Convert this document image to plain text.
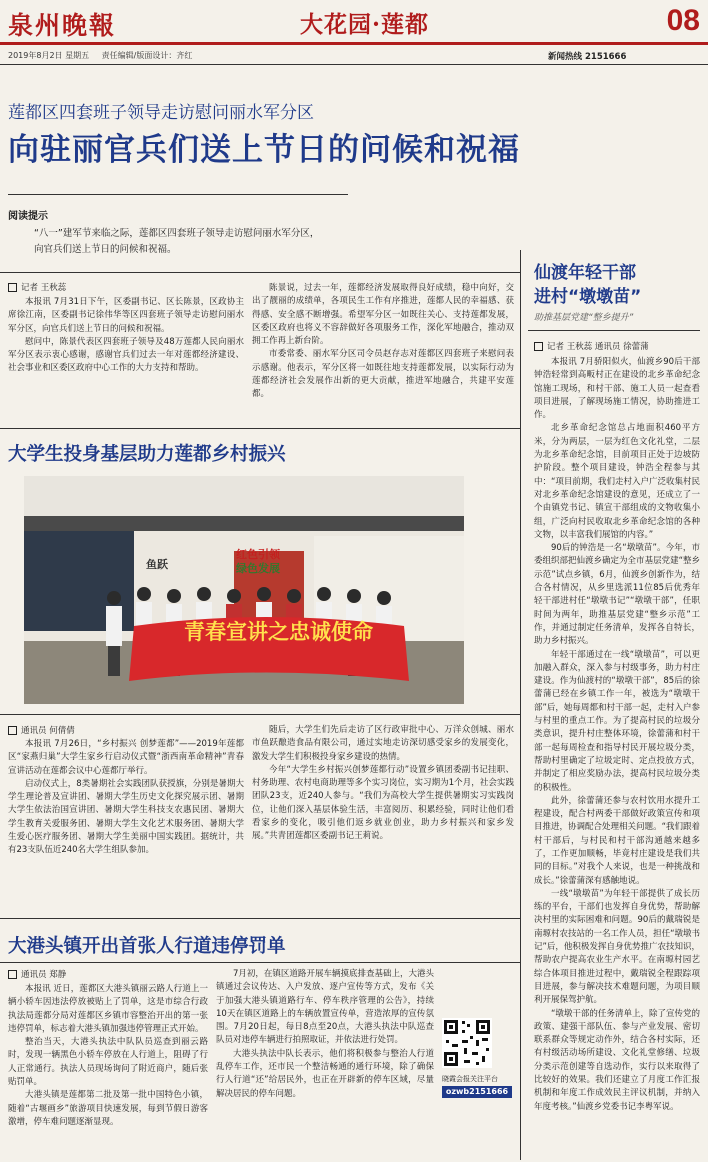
泉州晚報	大花园·莲都	08
2019年8月2日 星期五 责任编辑/版面设计：齐红	新闻热线 2151666
莲都区四套班子领导走访慰问丽水军分区
向驻丽官兵们送上节日的问候和祝福
阅读提示
“八一”建军节来临之际，莲都区四套班子领导走访慰问丽水军分区，向官兵们送上节日的问候和祝福。
记者 王秋蕊

本报讯 7月31日下午，区委副书记、区长陈景，区政协主席徐江南，区委副书记徐伟华等区四套班子领导走访慰问丽水军分区，向官兵们送上节日的问候和祝福。

慰问中，陈景代表区四套班子领导及48万莲都人民向丽水军分区表示衷心感谢，感谢官兵们过去一年对莲都经济建设、社会事业和区委区政府中心工作的大力支持和帮助。

陈景说，过去一年，莲都经济发展取得良好成绩，稳中向好，交出了靓丽的成绩单，各项民生工作有序推进，莲都人民的幸福感、获得感、安全感不断增强。希望军分区一如既往关心、支持莲都发展，区委区政府也将义不容辞做好各项服务工作，深化军地融合，推动双拥工作再上新台阶。

市委常委、丽水军分区司令员赵存志对莲都区四套班子来慰问表示感谢。他表示，军分区将一如既往地支持莲都发展，以实际行动为莲都经济社会发展作出新的更大贡献，推进军地融合，共建平安莲都。

大学生投身基层助力莲都乡村振兴
青春宣讲之忠诚使命
红色引领
绿色发展
鱼跃
通讯员 何倩倩

本报讯 7月26日，“乡村振兴 创梦莲都”——2019年莲都区“家燕归巢”大学生家乡行启动仪式暨“浙西南革命精神”青春宣讲活动在莲都会议中心莲都厅举行。

启动仪式上，8类暑期社会实践团队获授旗，分别是暑期大学生理论普及宣讲团、暑期大学生历史文化探究展示团、暑期大学生依法治国宣讲团、暑期大学生科技支农惠民团、暑期大学生教育关爱服务团、暑期大学生文化艺术服务团、暑期大学生爱心医疗服务团、暑期大学生美丽中国实践团。据统计，共有23支队伍近240名大学生组队参加。

随后，大学生们先后走访了区行政审批中心、万洋众创城、丽水市鱼跃酿造食品有限公司，通过实地走访深切感受家乡的发展变化，激发大学生们积极投身家乡建设的热情。

今年“大学生乡村振兴创梦莲都行动”设置乡镇团委副书记挂职、村务助理、农村电商助理等多个实习岗位，实习期为1个月，社会实践团队23支，近240人参与。“我们为高校大学生提供暑期实习实践岗位，让他们深入基层体验生活，丰富阅历、积累经验，同时让他们看看家乡的变化，吸引他们返乡就业创业，助力乡村振兴和家乡发展。”共青团莲都区委副书记王莉说。

大港头镇开出首张人行道违停罚单
通讯员 郑静

本报讯 近日，莲都区大港头镇丽云路人行道上一辆小轿车因违法停放被贴上了罚单，这是市综合行政执法局莲都分局对莲都区乡镇市容整治开出的第一张违停罚单，标志着大港头镇加强违停管理正式开始。

整治当天，大港头执法中队队员巡查到丽云路时，发现一辆黑色小轿车停放在人行道上，阻碍了行人正常通行。执法人员现场询问了附近商户，随后张贴罚单。

大港头镇是莲都第二批及第一批中国特色小镇，随着“古堰画乡”旅游项目快速发展，每到节假日游客激增，停车难问题逐渐显现。

7月初，在镇区道路开展车辆摸底排查基础上，大港头镇通过会议传达、入户发放、逐户宣传等方式，发布《关于加强大港头镇道路行车、停车秩序管理的公告》，持续10天在镇区道路上的车辆放置宣传单，营造浓厚的宣传氛围。7月20日起，每日8点至20点，大港头执法中队巡查队员对违停车辆进行拍照取证，并依法进行处罚。

大港头执法中队长表示，他们将积极参与整治人行道乱停车工作，还市民一个整洁畅通的通行环境，除了确保行人行道“还”给居民外，也正在开辟新的停车区域，尽量解决居民的停车问题。

晓霞会报关注平台
ozwb2151666
仙渡年轻干部
进村“墩墩苗”
助推基层党建“整乡提升”
记者 王秋蕊 通讯员 徐蕾蒲

本报讯 7月骄阳似火，仙渡乡90后干部钟浩轻常到高畈村正在建设的北乡革命纪念馆施工现场，和村干部、施工人员一起查看项目进展，了解现场施工情况，协助推进工作。

北乡革命纪念馆总占地面积460平方米，分为两层，一层为红色文化礼堂，二层为北乡革命纪念馆，目前项目正处于边坡防护阶段。整个项目建设，钟浩全程参与其中：“项目前期，我们走村入户广泛收集村民对北乡革命纪念馆建设的意见，还成立了一个由镇党书记、镇宣干部组成的文物收集小组，广泛向村民收取北乡革命纪念馆的各种文物，以丰富我们展馆的内容。”

90后的钟浩是一名“墩墩苗”。今年，市委组织部把仙渡乡确定为全市基层党建“整乡示范”试点乡镇，6月，仙渡乡创新作为，结合各村情况，从乡里选派11位85后优秀年轻干部进村任“墩墩书记”“墩墩干部”，任职时间为两年，助推基层党建“整乡示范”工作，并通过制定任务清单，发挥各自特长，助力乡村振兴。

年轻干部通过在一线“墩墩苗”，可以更加融入群众，深入参与村级事务，助力村庄建设。作为仙渡村的“墩墩干部”，85后的徐蕾蒲已经在乡镇工作一年，被选为“墩墩干部”后，她每周都和村干部一起，走村入户参与村里的重点工作。为了提高村民的垃圾分类意识，提升村庄整体环境，徐蕾蒲和村干部一起每周检查和指导村民开展垃圾分类，帮助村里确定了垃圾定时、定点投放方式，并制定了相应奖励办法，提高村民垃圾分类的积极性。

此外，徐蕾蒲还参与农村饮用水提升工程建设，配合村两委干部做好政策宣传和项目推进，协调配合处理相关问题。“我们跟着村干部后，与村民和村干部沟通越来越多了，工作更加顺畅，毕竟村庄建设是我们共同的目标。”对我个人来说，也是一种挑战和成长。”徐蕾蒲深有感触地说。

一线“墩墩苗”为年轻干部提供了成长历练的平台，干部们也发挥自身优势，帮助解决村里的实际困难和问题。90后的戴瑞锐是南塬村农技站的一名工作人员，担任“墩墩书记”后，他积极发挥自身优势推广农技知识，帮助农户提高农业生产水平。在南塬村园艺综合体项目推进过程中，戴瑞锐全程跟踪项目进展，参与解决技术难题问题，为项目顺利开展保驾护航。

“墩墩干部的任务清单上，除了宣传党的政策、建强干部队伍、参与产业发展、密切联系群众等规定动作外，结合各村实际，还有村级活动场所建设、文化礼堂修缮、垃圾分类示范创建等自选动作，实行以来取得了比较好的效果。我们还建立了月度工作汇报机制和年度工作成效民主评议机制，并纳入年度考核。”仙渡乡党委书记李粤军说。
